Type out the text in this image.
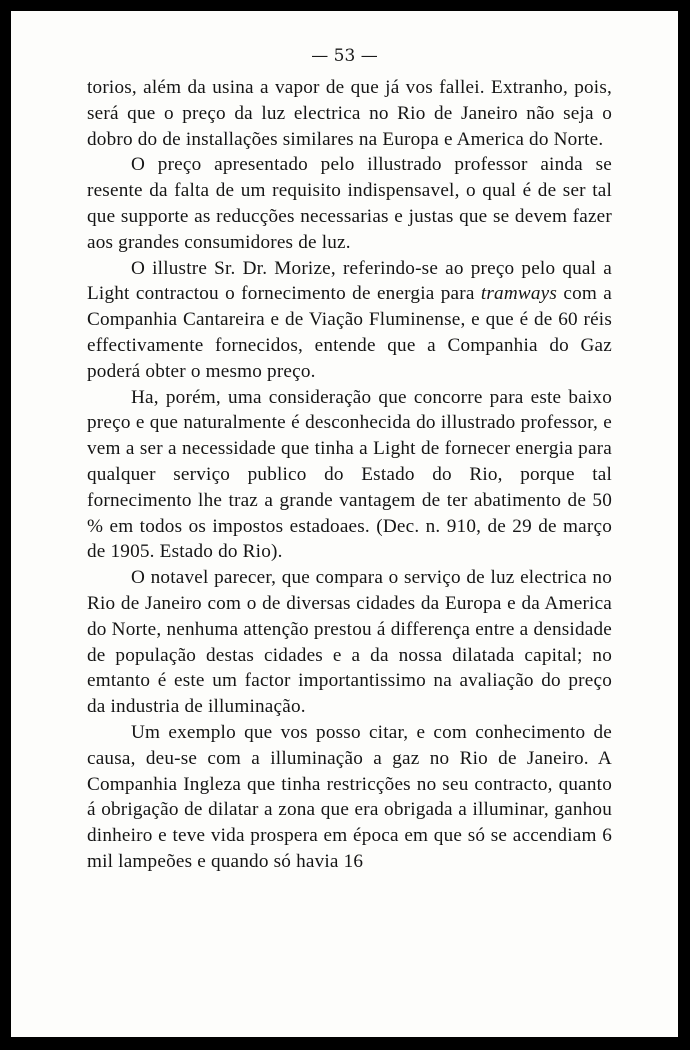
— 53 —

torios, além da usina a vapor de que já vos fallei. Extranho, pois, será que o preço da luz electrica no Rio de Janeiro não seja o dobro do de installações similares na Europa e America do Norte.

O preço apresentado pelo illustrado professor ainda se resente da falta de um requisito indispensavel, o qual é de ser tal que supporte as reducções necessarias e justas que se devem fazer aos grandes consumidores de luz.

O illustre Sr. Dr. Morize, referindo-se ao preço pelo qual a Light contractou o fornecimento de energia para tramways com a Companhia Cantareira e de Viação Fluminense, e que é de 60 réis effectivamente fornecidos, entende que a Companhia do Gaz poderá obter o mesmo preço.

Ha, porém, uma consideração que concorre para este baixo preço e que naturalmente é desconhecida do illustrado professor, e vem a ser a necessidade que tinha a Light de fornecer energia para qualquer serviço publico do Estado do Rio, porque tal fornecimento lhe traz a grande vantagem de ter abatimento de 50 % em todos os impostos estadoaes. (Dec. n. 910, de 29 de março de 1905. Estado do Rio).

O notavel parecer, que compara o serviço de luz electrica no Rio de Janeiro com o de diversas cidades da Europa e da America do Norte, nenhuma attenção prestou á differença entre a densidade de população destas cidades e a da nossa dilatada capital; no emtanto é este um factor importantissimo na avaliação do preço da industria de illuminação.

Um exemplo que vos posso citar, e com conhecimento de causa, deu-se com a illuminação a gaz no Rio de Janeiro. A Companhia Ingleza que tinha restricções no seu contracto, quanto á obrigação de dilatar a zona que era obrigada a illuminar, ganhou dinheiro e teve vida prospera em época em que só se accendiam 6 mil lampeões e quando só havia 16
